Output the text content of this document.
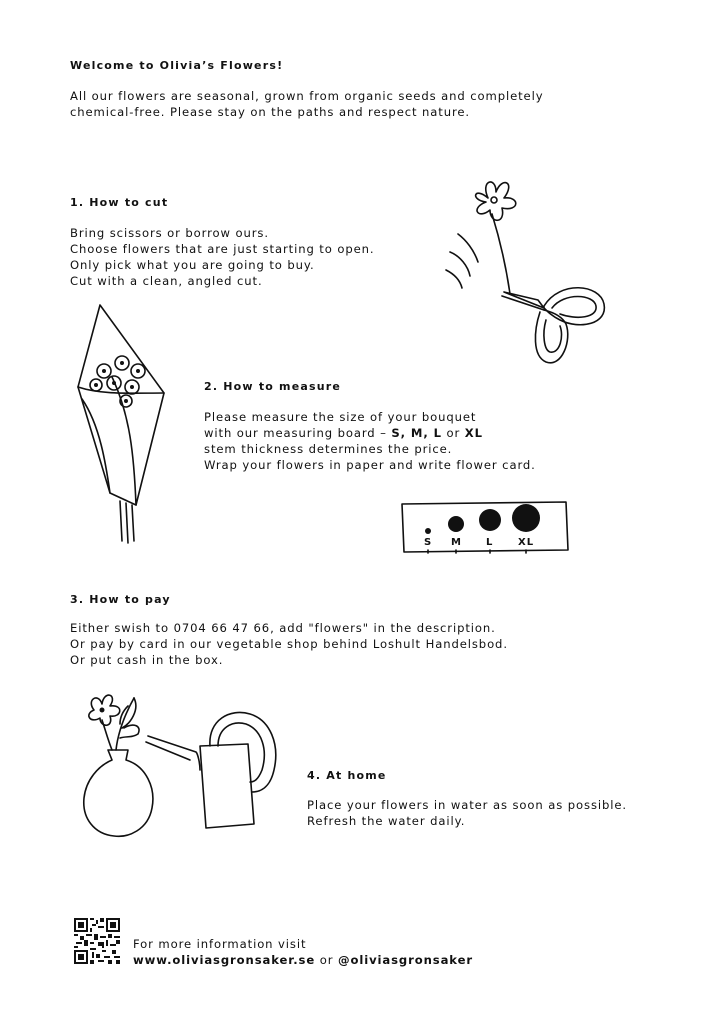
Welcome to Olivia’s Flowers!
All our flowers are seasonal, grown from organic seeds and completely
chemical-free. Please stay on the paths and respect nature.
1. How to cut
Bring scissors or borrow ours.
Choose flowers that are just starting to open.
Only pick what you are going to buy.
Cut with a clean, angled cut.
2. How to measure
Please measure the size of your bouquet
with our measuring board – S, M, L or XL
stem thickness determines the price.
Wrap your flowers in paper and write flower card.
S M L XL
3. How to pay
Either swish to 0704 66 47 66, add "flowers" in the description.
Or pay by card in our vegetable shop behind Loshult Handelsbod.
Or put cash in the box.
4. At home
Place your flowers in water as soon as possible.
Refresh the water daily.
For more information visit
www.oliviasgronsaker.se or @oliviasgronsaker
